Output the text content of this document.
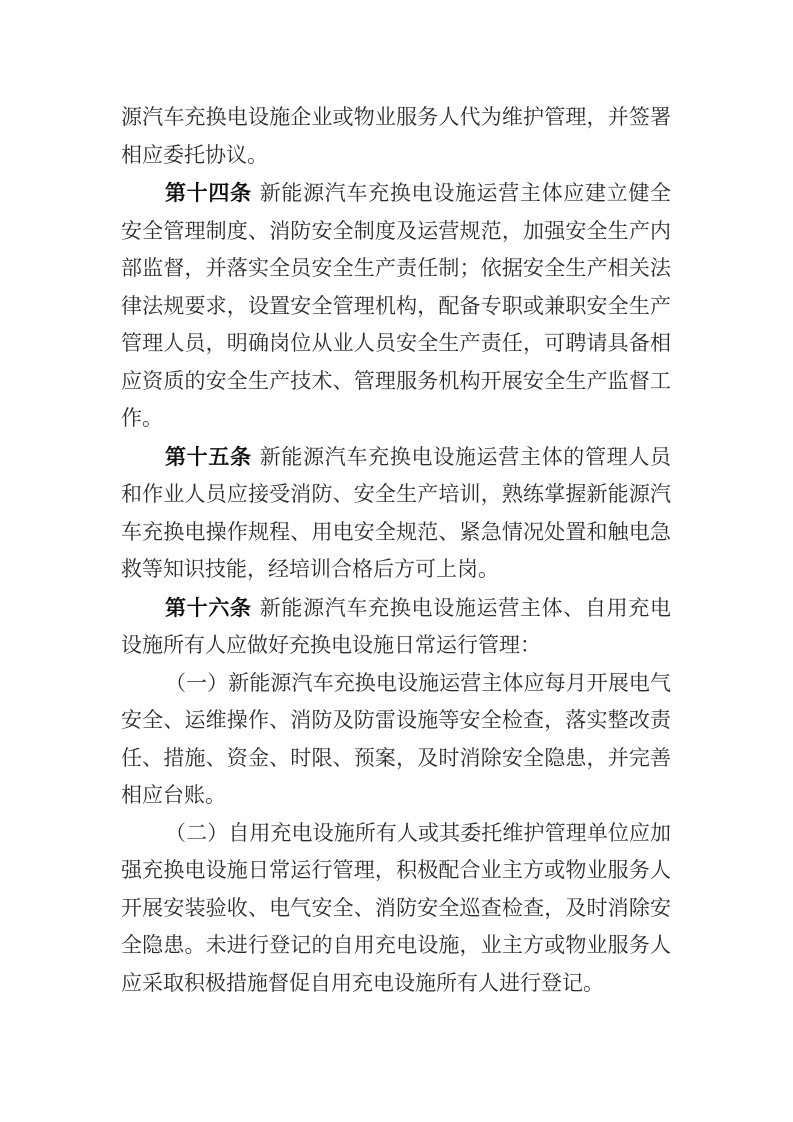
源汽车充换电设施企业或物业服务人代为维护管理，并签署
相应委托协议。
第十四条 新能源汽车充换电设施运营主体应建立健全
安全管理制度、消防安全制度及运营规范，加强安全生产内
部监督，并落实全员安全生产责任制；依据安全生产相关法
律法规要求，设置安全管理机构，配备专职或兼职安全生产
管理人员，明确岗位从业人员安全生产责任，可聘请具备相
应资质的安全生产技术、管理服务机构开展安全生产监督工
作。
第十五条 新能源汽车充换电设施运营主体的管理人员
和作业人员应接受消防、安全生产培训，熟练掌握新能源汽
车充换电操作规程、用电安全规范、紧急情况处置和触电急
救等知识技能，经培训合格后方可上岗。
第十六条 新能源汽车充换电设施运营主体、自用充电
设施所有人应做好充换电设施日常运行管理：
（一）新能源汽车充换电设施运营主体应每月开展电气
安全、运维操作、消防及防雷设施等安全检查，落实整改责
任、措施、资金、时限、预案，及时消除安全隐患，并完善
相应台账。
（二）自用充电设施所有人或其委托维护管理单位应加
强充换电设施日常运行管理，积极配合业主方或物业服务人
开展安装验收、电气安全、消防安全巡查检查，及时消除安
全隐患。未进行登记的自用充电设施，业主方或物业服务人
应采取积极措施督促自用充电设施所有人进行登记。
